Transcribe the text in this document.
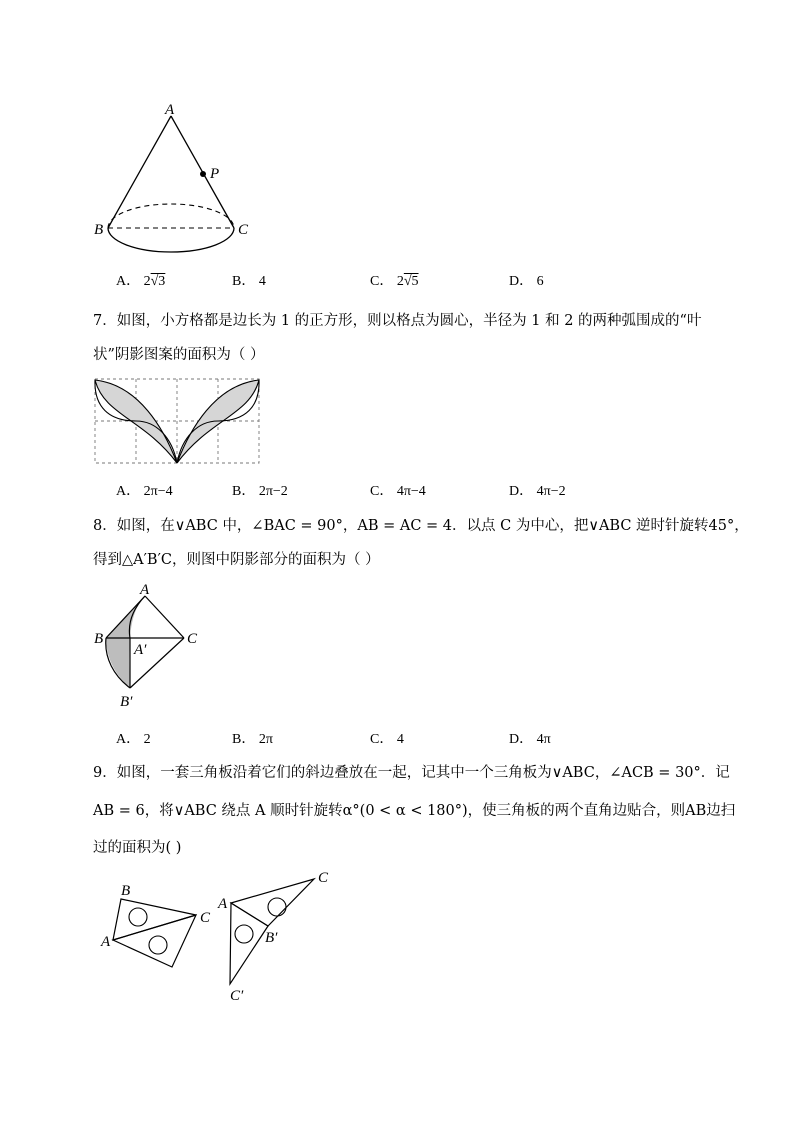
A
P
B	C
A． 2√3	B． 4	C． 2√5	D． 6
7．如图，小方格都是边长为 1 的正方形，则以格点为圆心，半径为 1 和 2 的两种弧围成的“叶
状”阴影图案的面积为（ ）
A． 2π−4	B． 2π−2	C． 4π−4	D． 4π−2
8．如图，在∨ABC 中，∠BAC = 90°，AB = AC = 4．以点 C 为中心，把∨ABC 逆时针旋转45°，
得到△A′B′C，则图中阴影部分的面积为（ ）
A
B	C
A′
B′
A． 2	B． 2π	C． 4	D． 4π
9．如图，一套三角板沿着它们的斜边叠放在一起，记其中一个三角板为∨ABC，∠ACB = 30°．记
AB = 6，将∨ABC 绕点 A 顺时针旋转α°(0 < α < 180°)，使三角板的两个直角边贴合，则AB边扫
过的面积为( )
B
C
A
C
A
B′
C′
